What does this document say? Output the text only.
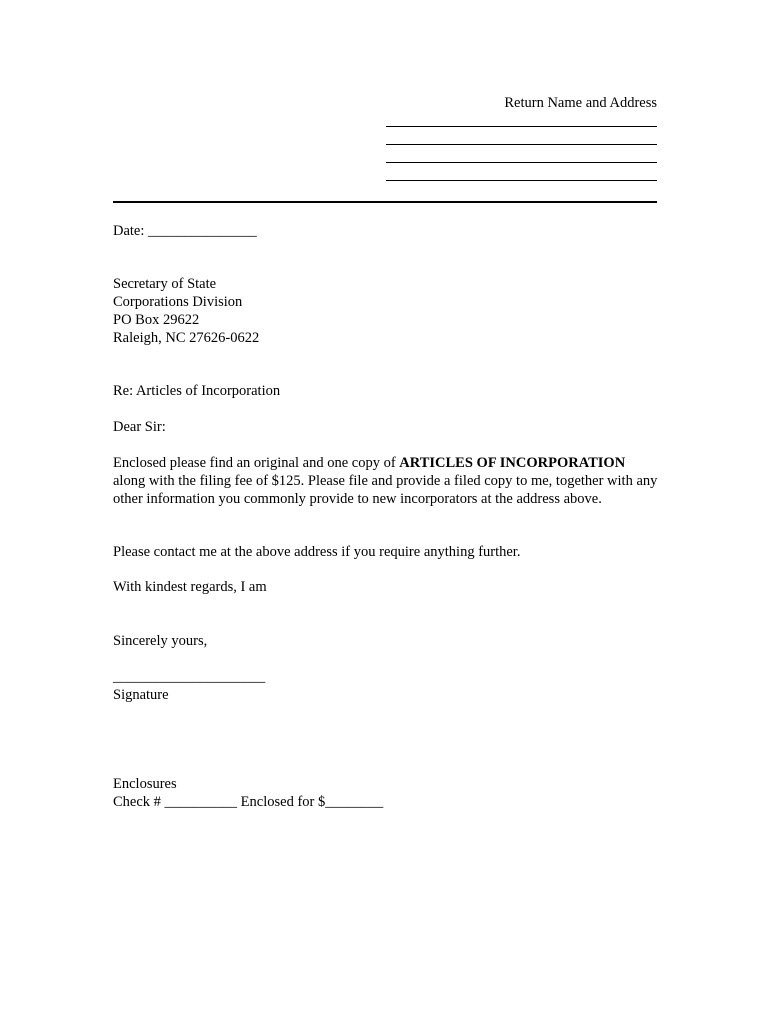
Return Name and Address
Date: _______________
Secretary of State
Corporations Division
PO Box 29622
Raleigh, NC 27626-0622
Re: Articles of Incorporation
Dear Sir:
Enclosed please find an original and one copy of ARTICLES OF INCORPORATION along with the filing fee of $125. Please file and provide a filed copy to me, together with any other information you commonly provide to new incorporators at the address above.
Please contact me at the above address if you require anything further.
With kindest regards, I am
Sincerely yours,
_____________________
Signature
Enclosures
Check # __________ Enclosed for $________
